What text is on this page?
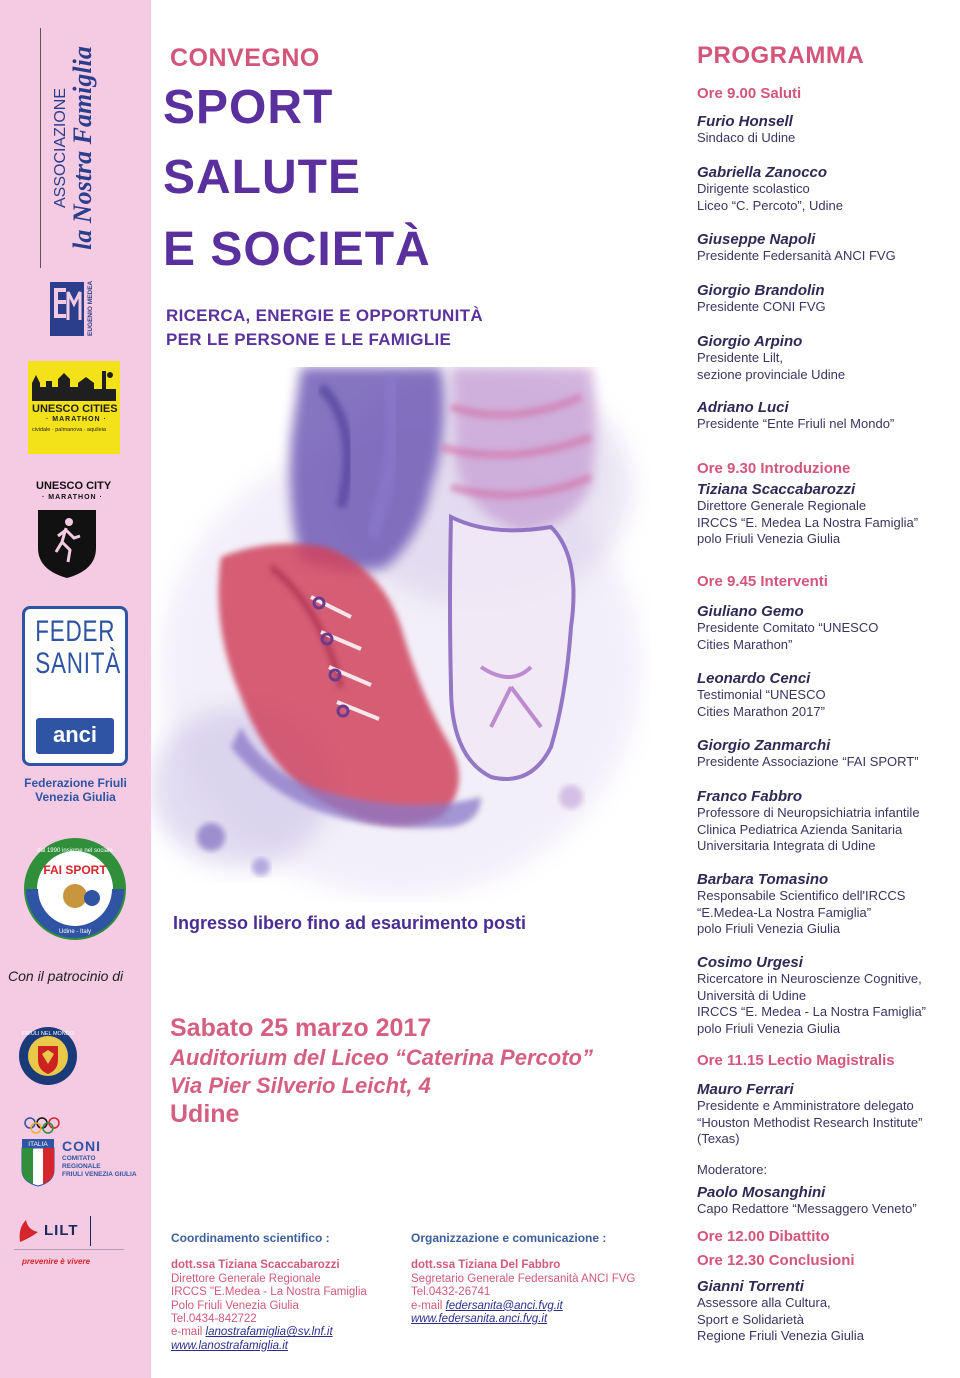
ASSOCIAZIONE la Nostra Famiglia
EUGENIO MEDEA
UNESCO CITIES
· MARATHON ·
cividale · palmanova · aquileia
UNESCO CITY
· MARATHON ·
FEDER
SANITÀ
anci
Federazione Friuli Venezia Giulia
dal 1990 insieme nel sociale
FAI SPORT
Udine - Italy
Con il patrocinio di
FRIULI NEL MONDO
ITALIA CONI
COMITATO
REGIONALE
FRIULI VENEZIA GIULIA
LILT
prevenire è vivere
CONVEGNO
SPORT
SALUTE
E SOCIETÀ
RICERCA, ENERGIE E OPPORTUNITÀ
PER LE PERSONE E LE FAMIGLIE
Ingresso libero fino ad esaurimento posti
Sabato 25 marzo 2017
Auditorium del Liceo “Caterina Percoto”
Via Pier Silverio Leicht, 4
Udine
Coordinamento scientifico :
dott.ssa Tiziana Scaccabarozzi
Direttore Generale Regionale
IRCCS "E.Medea - La Nostra Famiglia
Polo Friuli Venezia Giulia
Tel.0434-842722
e-mail lanostrafamiglia@sv.lnf.it
www.lanostrafamiglia.it
Organizzazione e comunicazione :
dott.ssa Tiziana Del Fabbro
Segretario Generale Federsanità ANCI FVG
Tel.0432-26741
e-mail federsanita@anci.fvg.it
www.federsanita.anci.fvg.it
PROGRAMMA
Ore 9.00 Saluti
Furio Honsell
Sindaco di Udine
Gabriella Zanocco
Dirigente scolastico
Liceo “C. Percoto”, Udine
Giuseppe Napoli
Presidente Federsanità ANCI FVG
Giorgio Brandolin
Presidente CONI FVG
Giorgio Arpino
Presidente Lilt,
sezione provinciale Udine
Adriano Luci
Presidente “Ente Friuli nel Mondo”
Ore 9.30 Introduzione
Tiziana Scaccabarozzi
Direttore Generale Regionale
IRCCS “E. Medea La Nostra Famiglia”
polo Friuli Venezia Giulia
Ore 9.45 Interventi
Giuliano Gemo
Presidente Comitato “UNESCO
Cities Marathon”
Leonardo Cenci
Testimonial “UNESCO
Cities Marathon 2017”
Giorgio Zanmarchi
Presidente Associazione “FAI SPORT”
Franco Fabbro
Professore di Neuropsichiatria infantile
Clinica Pediatrica Azienda Sanitaria
Universitaria Integrata di Udine
Barbara Tomasino
Responsabile Scientifico dell'IRCCS
“E.Medea-La Nostra Famiglia”
polo Friuli Venezia Giulia
Cosimo Urgesi
Ricercatore in Neuroscienze Cognitive,
Università di Udine
IRCCS “E. Medea - La Nostra Famiglia”
polo Friuli Venezia Giulia
Ore 11.15 Lectio Magistralis
Mauro Ferrari
Presidente e Amministratore delegato
“Houston Methodist Research Institute”
(Texas)
Moderatore:
Paolo Mosanghini
Capo Redattore “Messaggero Veneto”
Ore 12.00 Dibattito
Ore 12.30 Conclusioni
Gianni Torrenti
Assessore alla Cultura,
Sport e Solidarietà
Regione Friuli Venezia Giulia
